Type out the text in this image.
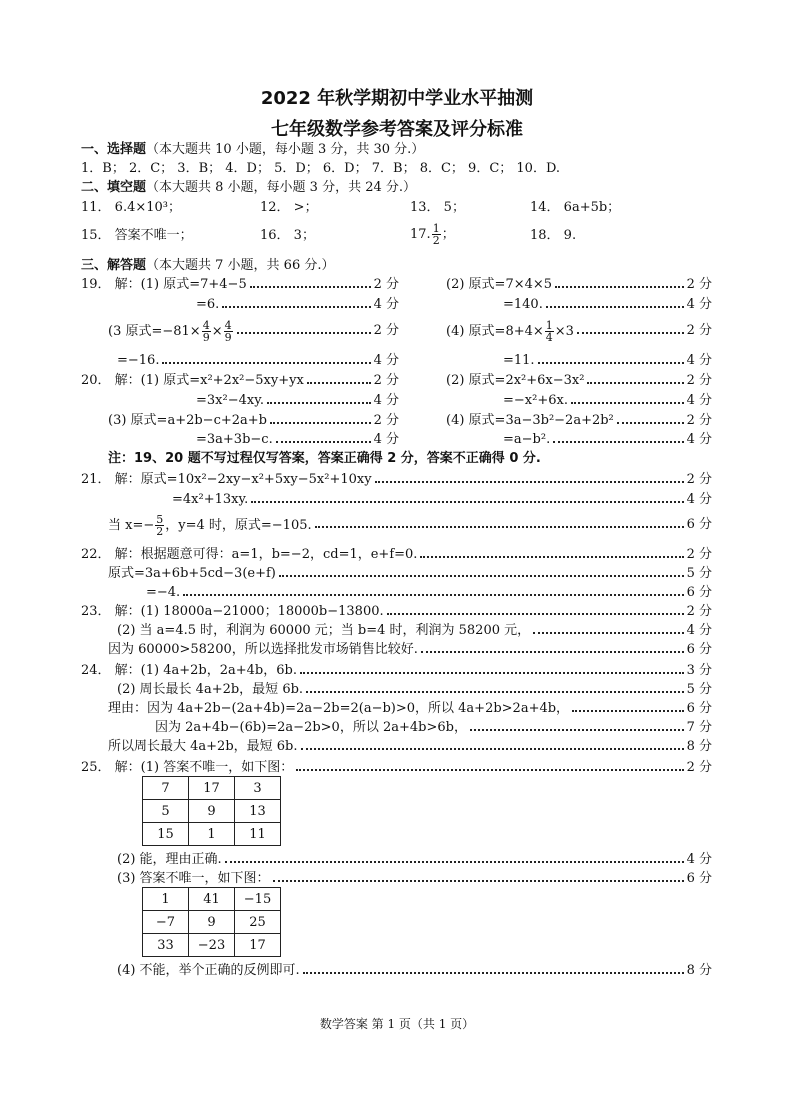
2022 年秋学期初中学业水平抽测
七年级数学参考答案及评分标准
一、选择题（本大题共 10 小题，每小题 3 分，共 30 分.）
1．B； 2．C； 3．B； 4．D； 5．D； 6．D； 7．B； 8．C； 9．C； 10．D.
二、填空题（本大题共 8 小题，每小题 3 分，共 24 分.）
11． 6.4×10³；	12． >；	13． 5；	14． 6a+5b；
15． 答案不唯一；	16． 3；	17. $\frac{1}{2}$ ；	18． 9.
三、解答题（本大题共 7 小题，共 66 分.）
19． 解：(1) 原式=7+4−5	2 分
=6.	4 分
(2) 原式=7×4×5	2 分
=140.	4 分
(3 原式$=-81\times \frac{4}{9} \times \frac{4}{9}$	2 分
=−16.	4 分
(4) 原式$=8+4\times \frac{1}{4} \times 3$	2 分
=11.	4 分
20． 解：(1) 原式=x²+2x²−5xy+yx	2 分
=3x²−4xy.	4 分
(2) 原式=2x²+6x−3x²	2 分
=−x²+6x.	4 分
(3) 原式=a+2b−c+2a+b	2 分
=3a+3b−c.	4 分
(4) 原式=3a−3b²−2a+2b²	2 分
=a−b².	4 分
注：19、20 题不写过程仅写答案，答案正确得 2 分，答案不正确得 0 分.
21． 解：原式=10x²−2xy−x²+5xy−5x²+10xy	2 分
=4x²+13xy.	4 分
当 $x=- \frac{5}{2}$ ，y=4 时，原式=−105.	6 分
22． 解：根据题意可得：a=1，b=−2，cd=1，e+f=0.	2 分
原式=3a+6b+5cd−3(e+f)	5 分
=−4.	6 分
23． 解：(1) 18000a−21000；18000b−13800.	2 分
(2) 当 a=4.5 时，利润为 60000 元；当 b=4 时，利润为 58200 元，	4 分
因为 60000>58200，所以选择批发市场销售比较好.	6 分
24． 解：(1) 4a+2b，2a+4b，6b.	3 分
(2) 周长最长 4a+2b，最短 6b.	5 分
理由：因为 4a+2b−(2a+4b)=2a−2b=2(a−b)>0，所以 4a+2b>2a+4b，	6 分
因为 2a+4b−(6b)=2a−2b>0，所以 2a+4b>6b，	7 分
所以周长最大 4a+2b，最短 6b.	8 分
25． 解：(1) 答案不唯一，如下图：	2 分
7	17	3
5	9	13
15	1	11
(2) 能，理由正确.	4 分
(3) 答案不唯一，如下图：	6 分
1	41	−15
−7	9	25
33	−23	17
(4) 不能，举个正确的反例即可.	8 分
数学答案 第 1 页（共 1 页）
